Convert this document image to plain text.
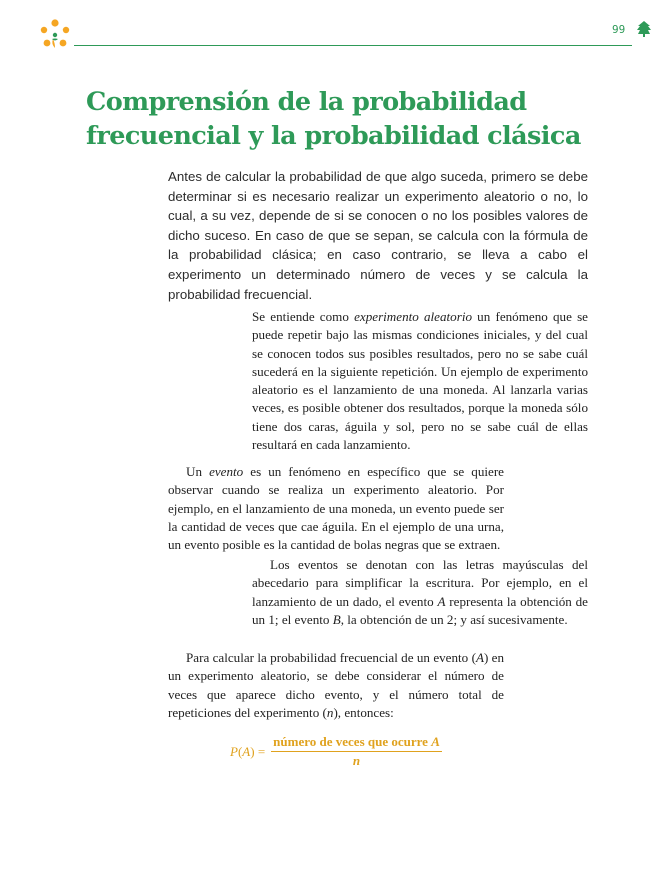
99
Comprensión de la probabilidad
frecuencial y la probabilidad clásica

Antes de calcular la probabilidad de que algo suceda, primero se debe determinar si es necesario realizar un experimento aleatorio o no, lo cual, a su vez, depende de si se conocen o no los posibles valores de dicho suceso. En caso de que se sepan, se calcula con la fórmula de la probabilidad clásica; en caso contrario, se lleva a cabo el experimento un determinado número de veces y se calcula la probabilidad frecuencial.

Se entiende como experimento aleatorio un fenómeno que se puede repetir bajo las mismas condiciones iniciales, y del cual se conocen todos sus posibles resultados, pero no se sabe cuál sucederá en la siguiente repetición. Un ejemplo de experimento aleatorio es el lanzamiento de una moneda. Al lanzarla varias veces, es posible obtener dos resultados, porque la moneda sólo tiene dos caras, águila y sol, pero no se sabe cuál de ellas resultará en cada lanzamiento.

Un evento es un fenómeno en específico que se quiere observar cuando se realiza un experimento aleatorio. Por ejemplo, en el lanzamiento de una moneda, un evento puede ser la cantidad de veces que cae águila. En el ejemplo de una urna, un evento posible es la cantidad de bolas negras que se extraen.

Los eventos se denotan con las letras mayúsculas del abecedario para simplificar la escritura. Por ejemplo, en el lanzamiento de un dado, el evento A representa la obtención de un 1; el evento B, la obtención de un 2; y así sucesivamente.

Para calcular la probabilidad frecuencial de un evento (A) en un experimento aleatorio, se debe considerar el número de veces que aparece dicho evento, y el número total de repeticiones del experimento (n), entonces:

$P(A) = \frac{\text{número de veces que ocurre A}}{n}$
